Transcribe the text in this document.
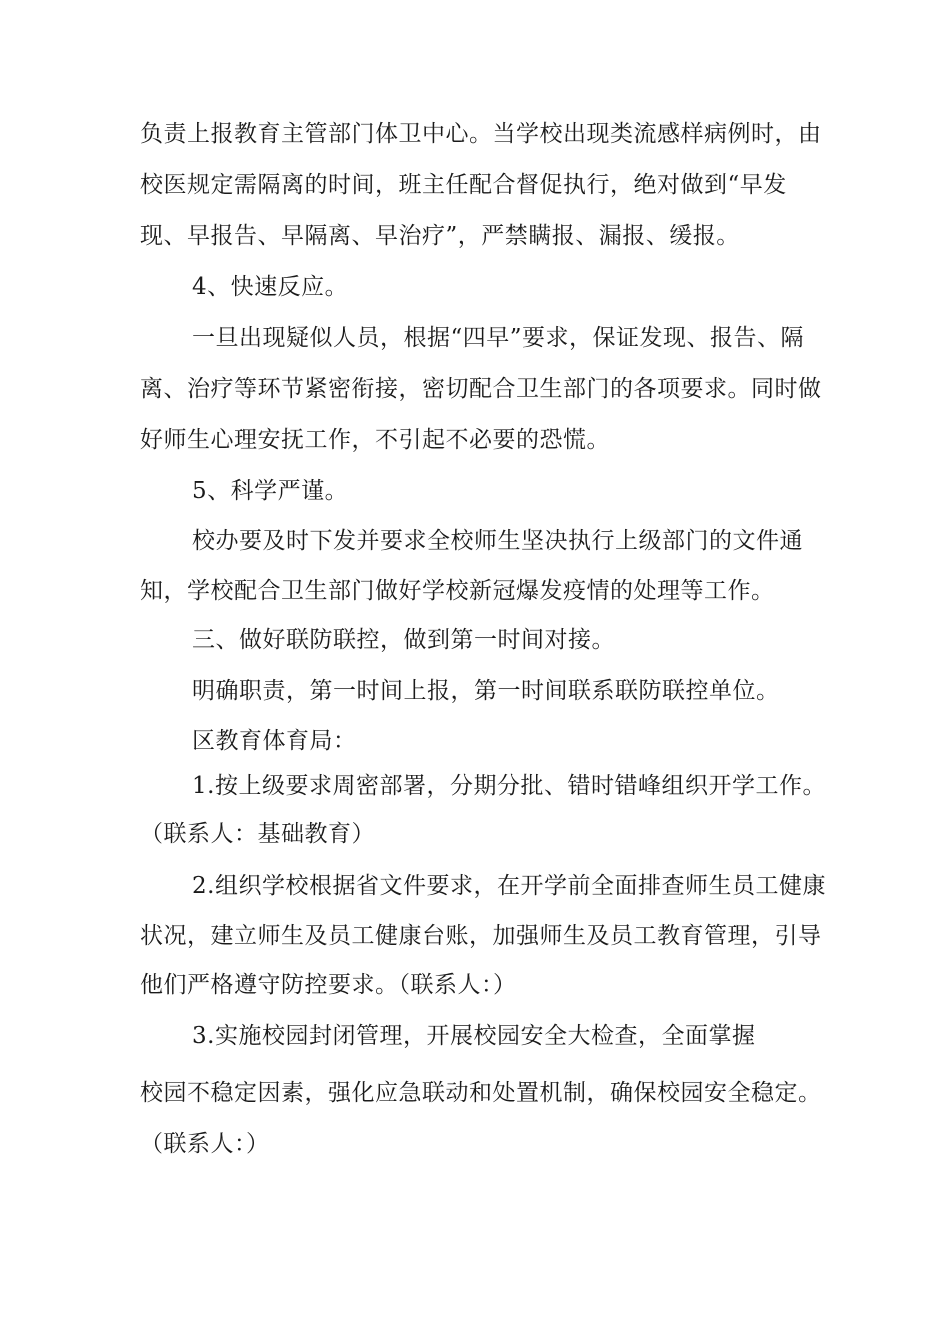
负责上报教育主管部门体卫中心。当学校出现类流感样病例时，由
校医规定需隔离的时间，班主任配合督促执行，绝对做到“早发
现、早报告、早隔离、早治疗”，严禁瞒报、漏报、缓报。
4、快速反应。
一旦出现疑似人员，根据“四早”要求，保证发现、报告、隔
离、治疗等环节紧密衔接，密切配合卫生部门的各项要求。同时做
好师生心理安抚工作，不引起不必要的恐慌。
5、科学严谨。
校办要及时下发并要求全校师生坚决执行上级部门的文件通
知，学校配合卫生部门做好学校新冠爆发疫情的处理等工作。
三、做好联防联控，做到第一时间对接。
明确职责，第一时间上报，第一时间联系联防联控单位。
区教育体育局：
1.按上级要求周密部署，分期分批、错时错峰组织开学工作。
（联系人：基础教育）
2.组织学校根据省文件要求，在开学前全面排查师生员工健康
状况，建立师生及员工健康台账，加强师生及员工教育管理，引导
他们严格遵守防控要求。（联系人：）
3.实施校园封闭管理，开展校园安全大检查，全面掌握
校园不稳定因素，强化应急联动和处置机制，确保校园安全稳定。
（联系人：）
